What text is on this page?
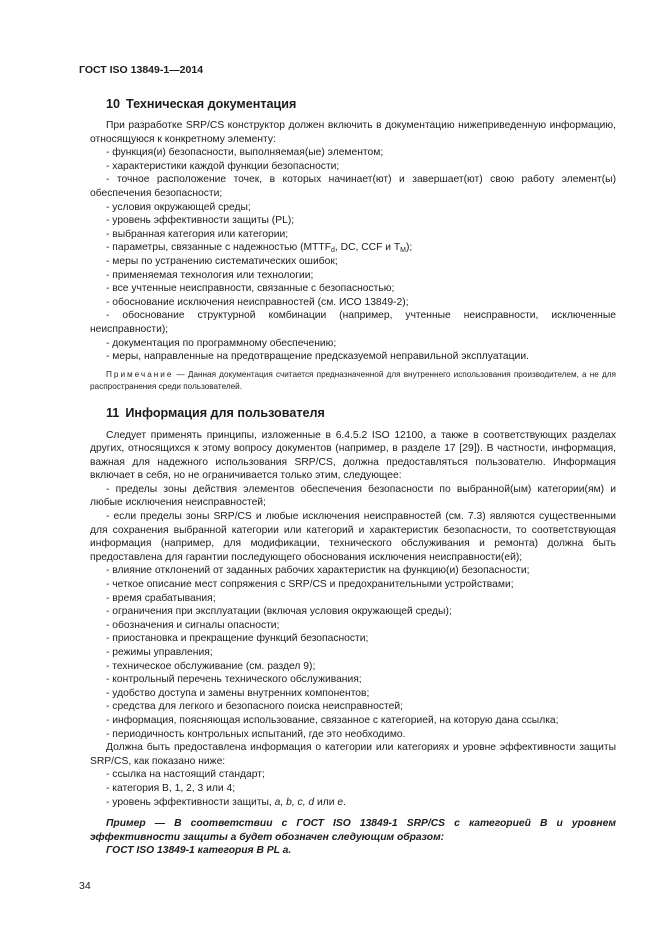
ГОСТ ISO 13849-1—2014
10 Техническая документация

При разработке SRP/CS конструктор должен включить в документацию нижеприведенную информацию, относящуюся к конкретному элементу:

- функция(и) безопасности, выполняемая(ые) элементом;
- характеристики каждой функции безопасности;
- точное расположение точек, в которых начинает(ют) и завершает(ют) свою работу элемент(ы) обеспечения безопасности;
- условия окружающей среды;
- уровень эффективности защиты (PL);
- выбранная категория или категории;
- параметры, связанные с надежностью ($MTTF_d$, DC, CCF и $T_M$);
- меры по устранению систематических ошибок;
- применяемая технология или технологии;
- все учтенные неисправности, связанные с безопасностью;
- обоснование исключения неисправностей (см. ИСО 13849-2);
- обоснование структурной комбинации (например, учтенные неисправности, исключенные неисправности);
- документация по программному обеспечению;
- меры, направленные на предотвращение предсказуемой неправильной эксплуатации.

Примечание — Данная документация считается предназначенной для внутреннего использования производителем, а не для распространения среди пользователей.

11 Информация для пользователя

Следует применять принципы, изложенные в 6.4.5.2 ISO 12100, а также в соответствующих разделах других, относящихся к этому вопросу документов (например, в разделе 17 [29]). В частности, информация, важная для надежного использования SRP/CS, должна предоставляться пользователю. Информация включает в себя, но не ограничивается только этим, следующее:

- пределы зоны действия элементов обеспечения безопасности по выбранной(ым) категории(ям) и любые исключения неисправностей;
- если пределы зоны SRP/CS и любые исключения неисправностей (см. 7.3) являются существенными для сохранения выбранной категории или категорий и характеристик безопасности, то соответствующая информация (например, для модификации, технического обслуживания и ремонта) должна быть предоставлена для гарантии последующего обоснования исключения неисправности(ей);
- влияние отклонений от заданных рабочих характеристик на функцию(и) безопасности;
- четкое описание мест сопряжения с SRP/CS и предохранительными устройствами;
- время срабатывания;
- ограничения при эксплуатации (включая условия окружающей среды);
- обозначения и сигналы опасности;
- приостановка и прекращение функций безопасности;
- режимы управления;
- техническое обслуживание (см. раздел 9);
- контрольный перечень технического обслуживания;
- удобство доступа и замены внутренних компонентов;
- средства для легкого и безопасного поиска неисправностей;
- информация, поясняющая использование, связанное с категорией, на которую дана ссылка;
- периодичность контрольных испытаний, где это необходимо.

Должна быть предоставлена информация о категории или категориях и уровне эффективности защиты SRP/CS, как показано ниже:

- ссылка на настоящий стандарт;
- категория B, 1, 2, 3 или 4;
- уровень эффективности защиты, a, b, c, d или e.

Пример — В соответствии с ГОСТ ISO 13849-1 SRP/CS с категорией B и уровнем эффективности защиты a будет обозначен следующим образом:

ГОСТ ISO 13849-1 категория B PL a.

34
